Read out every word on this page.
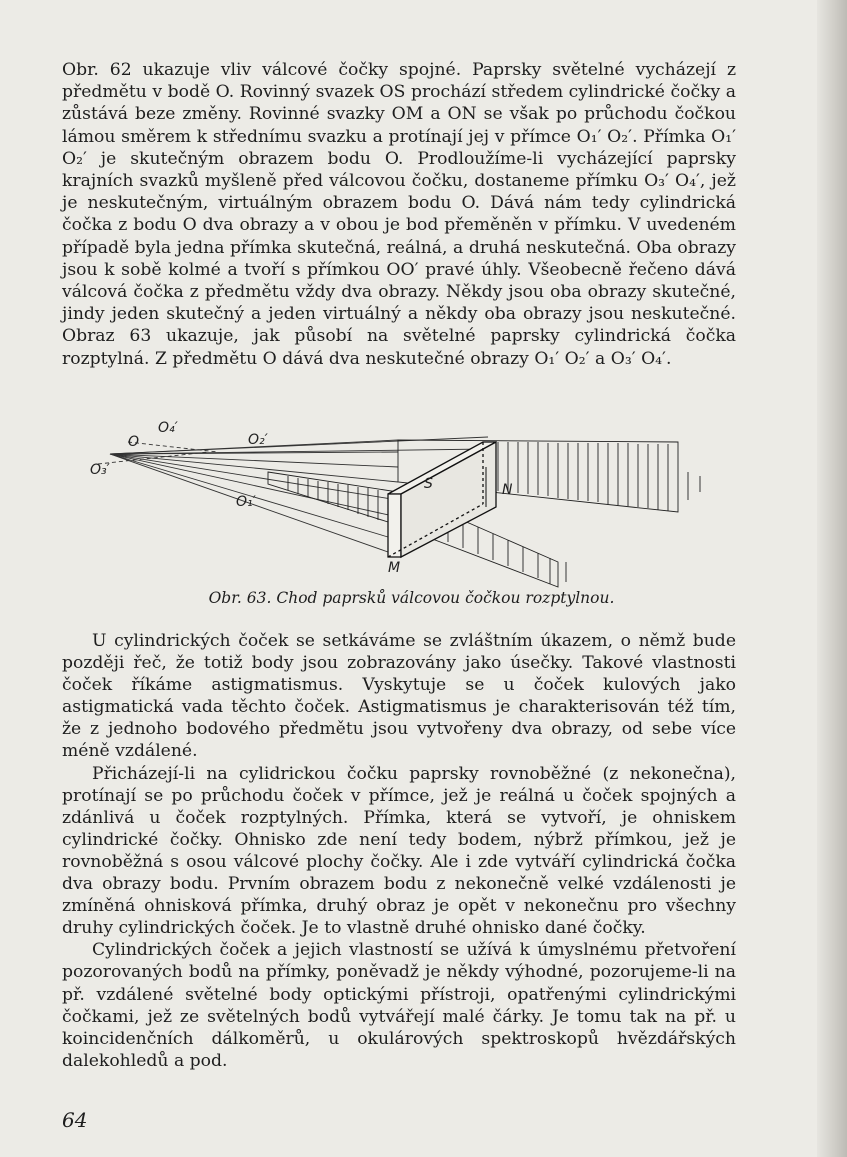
Obr. 62 ukazuje vliv válcové čočky spojné. Paprsky světelné vycházejí z předmětu v bodě O. Rovinný svazek OS prochází středem cylindrické čočky a zůstává beze změny. Rovinné svazky OM a ON se však po průchodu čočkou lámou směrem k střednímu svazku a protínají jej v přímce O₁′ O₂′. Přímka O₁′ O₂′ je skutečným obrazem bodu O. Prodloužíme-li vycházející paprsky krajních svazků myšleně před válcovou čočku, dostaneme přímku O₃′ O₄′, jež je neskutečným, virtuálným obrazem bodu O. Dává nám tedy cylindrická čočka z bodu O dva obrazy a v obou je bod přeměněn v přímku. V uvedeném případě byla jedna přímka skutečná, reálná, a druhá neskutečná. Oba obrazy jsou k sobě kolmé a tvoří s přímkou OO′ pravé úhly. Všeobecně řečeno dává válcová čočka z předmětu vždy dva obrazy. Někdy jsou oba obrazy skutečné, jindy jeden skutečný a jeden virtuálný a někdy oba obrazy jsou neskutečné. Obraz 63 ukazuje, jak působí na světelné paprsky cylindrická čočka rozptylná. Z předmětu O dává dva neskutečné obrazy O₁′ O₂′ a O₃′ O₄′.

O
O₄′
O₂′
O₃′
O₁′
S	N
M
Obr. 63. Chod paprsků válcovou čočkou rozptylnou.

U cylindrických čoček se setkáváme se zvláštním úkazem, o němž bude později řeč, že totiž body jsou zobrazovány jako úsečky. Takové vlastnosti čoček říkáme astigmatismus. Vyskytuje se u čoček kulových jako astigmatická vada těchto čoček. Astigmatismus je charakterisován též tím, že z jednoho bodového předmětu jsou vytvořeny dva obrazy, od sebe více méně vzdálené.

Přicházejí-li na cylidrickou čočku paprsky rovnoběžné (z nekonečna), protínají se po průchodu čoček v přímce, jež je reálná u čoček spojných a zdánlivá u čoček rozptylných. Přímka, která se vytvoří, je ohniskem cylindrické čočky. Ohnisko zde není tedy bodem, nýbrž přímkou, jež je rovnoběžná s osou válcové plochy čočky. Ale i zde vytváří cylindrická čočka dva obrazy bodu. Prvním obrazem bodu z nekonečně velké vzdálenosti je zmíněná ohnisková přímka, druhý obraz je opět v nekonečnu pro všechny druhy cylindrických čoček. Je to vlastně druhé ohnisko dané čočky.

Cylindrických čoček a jejich vlastností se užívá k úmyslnému přetvoření pozorovaných bodů na přímky, poněvadž je někdy výhodné, pozorujeme-li na př. vzdálené světelné body optickými přístroji, opatřenými cylindrickými čočkami, jež ze světelných bodů vytvářejí malé čárky. Je tomu tak na př. u koincidenčních dálkoměrů, u okulárových spektroskopů hvězdářských dalekohledů a pod.

64
